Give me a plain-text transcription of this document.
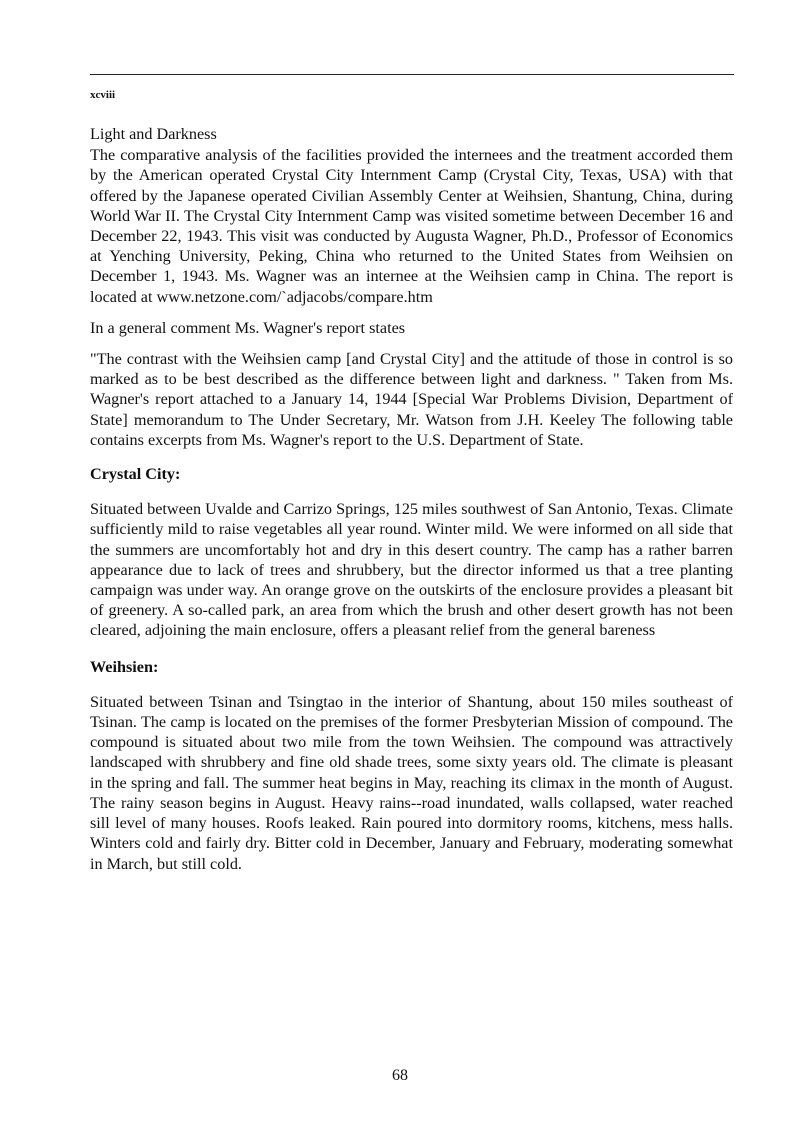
xcviii

Light and Darkness

The comparative analysis of the facilities provided the internees and the treatment accorded them by the American operated Crystal City Internment Camp (Crystal City, Texas, USA) with that offered by the Japanese operated Civilian Assembly Center at Weihsien, Shantung, China, during World War II. The Crystal City Internment Camp was visited sometime between December 16 and December 22, 1943. This visit was conducted by Augusta Wagner, Ph.D., Professor of Economics at Yenching University, Peking, China who returned to the United States from Weihsien on December 1, 1943. Ms. Wagner was an internee at the Weihsien camp in China. The report is located at www.netzone.com/`adjacobs/compare.htm

In a general comment Ms. Wagner's report states

"The contrast with the Weihsien camp [and Crystal City] and the attitude of those in control is so marked as to be best described as the difference between light and darkness. " Taken from Ms. Wagner's report attached to a January 14, 1944 [Special War Problems Division, Department of State] memorandum to The Under Secretary, Mr. Watson from J.H. Keeley The following table contains excerpts from Ms. Wagner's report to the U.S. Department of State.

Crystal City:

Situated between Uvalde and Carrizo Springs, 125 miles southwest of San Antonio, Texas. Climate sufficiently mild to raise vegetables all year round. Winter mild. We were informed on all side that the summers are uncomfortably hot and dry in this desert country. The camp has a rather barren appearance due to lack of trees and shrubbery, but the director informed us that a tree planting campaign was under way. An orange grove on the outskirts of the enclosure provides a pleasant bit of greenery. A so-called park, an area from which the brush and other desert growth has not been cleared, adjoining the main enclosure, offers a pleasant relief from the general bareness

Weihsien:

Situated between Tsinan and Tsingtao in the interior of Shantung, about 150 miles southeast of Tsinan. The camp is located on the premises of the former Presbyterian Mission of compound. The compound is situated about two mile from the town Weihsien. The compound was attractively landscaped with shrubbery and fine old shade trees, some sixty years old. The climate is pleasant in the spring and fall. The summer heat begins in May, reaching its climax in the month of August. The rainy season begins in August. Heavy rains--road inundated, walls collapsed, water reached sill level of many houses. Roofs leaked. Rain poured into dormitory rooms, kitchens, mess halls. Winters cold and fairly dry. Bitter cold in December, January and February, moderating somewhat in March, but still cold.

68
